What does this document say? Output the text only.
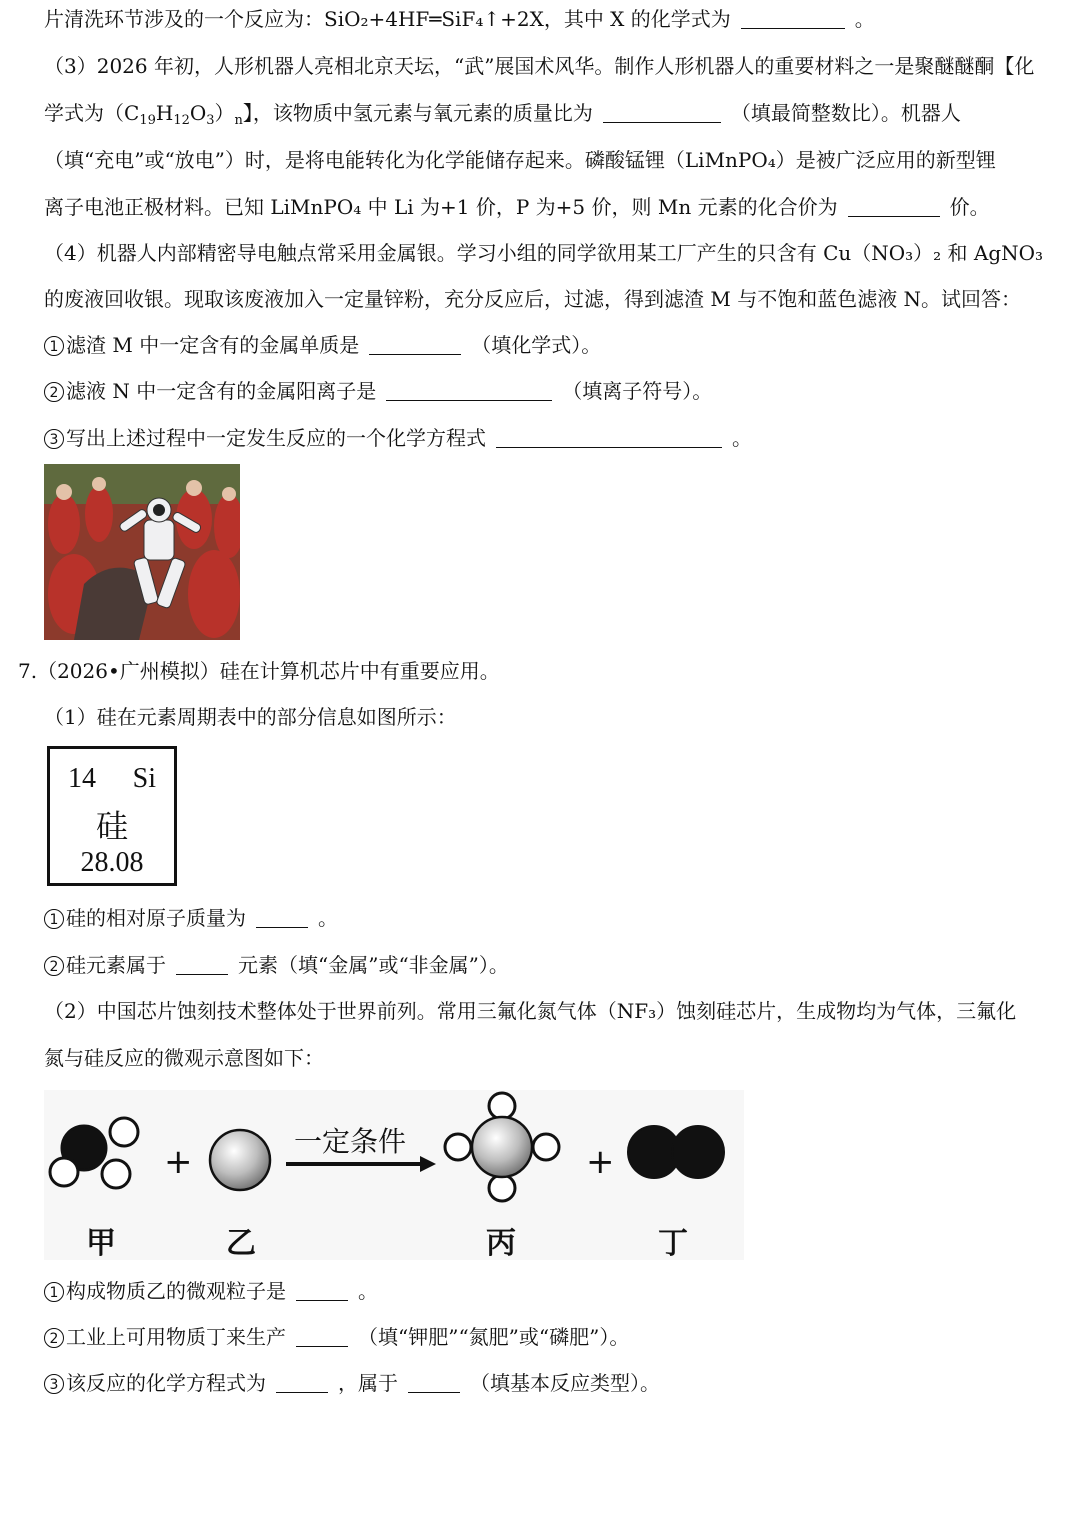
片清洗环节涉及的一个反应为：SiO₂+4HF═SiF₄↑+2X，其中 X 的化学式为	。
（3）2026 年初，人形机器人亮相北京天坛，“武”展国术风华。制作人形机器人的重要材料之一是聚醚醚酮【化
学式为$(C_{19}H_{12}O_3)_n$】，该物质中氢元素与氧元素的质量比为	（填最简整数比）。机器人
（填“充电”或“放电”）时，是将电能转化为化学能储存起来。磷酸锰锂（LiMnPO₄）是被广泛应用的新型锂
离子电池正极材料。已知 LiMnPO₄ 中 Li 为+1 价，P 为+5 价，则 Mn 元素的化合价为	价。
（4）机器人内部精密导电触点常采用金属银。学习小组的同学欲用某工厂产生的只含有 Cu（NO₃）₂ 和 AgNO₃
的废液回收银。现取该废液加入一定量锌粉，充分反应后，过滤，得到滤渣 M 与不饱和蓝色滤液 N。试回答：
1 滤渣 M 中一定含有的金属单质是	（填化学式）。
2 滤液 N 中一定含有的金属阳离子是	（填离子符号）。
3 写出上述过程中一定发生反应的一个化学方程式	。
7.（2026•广州模拟）硅在计算机芯片中有重要应用。
（1）硅在元素周期表中的部分信息如图所示：
14 Si
硅
28.08
1 硅的相对原子质量为	。
2 硅元素属于	元素（填“金属”或“非金属”）。
（2）中国芯片蚀刻技术整体处于世界前列。常用三氟化氮气体（NF₃）蚀刻硅芯片，生成物均为气体，三氟化
氮与硅反应的微观示意图如下：
+	+
一定条件
甲	乙	丙	丁
1 构成物质乙的微观粒子是	。
2 工业上可用物质丁来生产	（填“钾肥”“氮肥”或“磷肥”）。
3 该反应的化学方程式为	，属于	（填基本反应类型）。
